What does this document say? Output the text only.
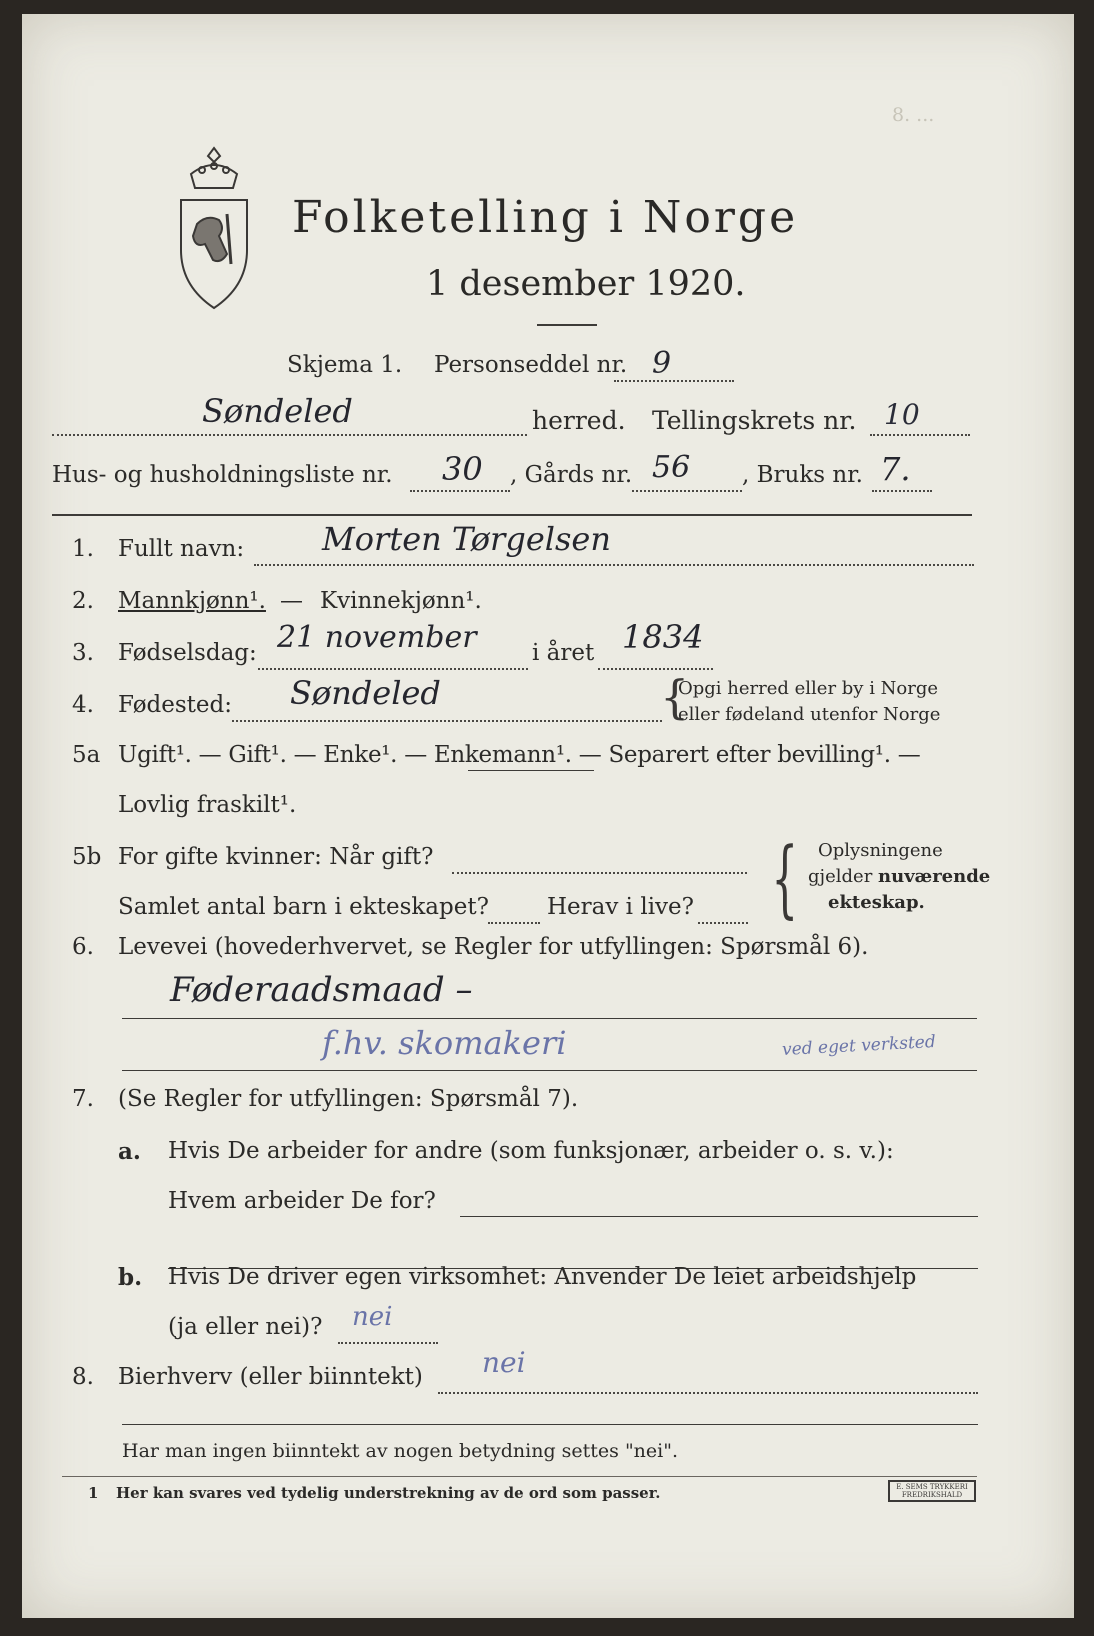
8. ...
Folketelling i Norge
1 desember 1920.
Skjema 1. Personseddel nr. 9
Søndeled	herred. Tellingskrets nr. 10
Hus- og husholdningsliste nr. 30 , Gårds nr. 56 , Bruks nr. 7.
1. Fullt navn: Morten Tørgelsen
2. Mannkjønn¹. — Kvinnekjønn¹.
3. Fødselsdag: 21 november i året 1834
4. Fødested: Søndeled	{
Opgi herred eller by i Norge
eller fødeland utenfor Norge
5a Ugift¹. — Gift¹. — Enke¹. — Enkemann¹. — Separert efter bevilling¹. —
Lovlig fraskilt¹.
5b For gifte kvinner: Når gift?
Samlet antal barn i ekteskapet?	Herav i live? { Oplysningene
gjelder nuværende
ekteskap.
6. Levevei (hovederhvervet, se Regler for utfyllingen: Spørsmål 6).
Føderaadsmaad –
f.hv. skomakeri	ved eget verksted
7. (Se Regler for utfyllingen: Spørsmål 7).
a. Hvis De arbeider for andre (som funksjonær, arbeider o. s. v.):
Hvem arbeider De for?
b. Hvis De driver egen virksomhet: Anvender De leiet arbeidshjelp
(ja eller nei)? nei
8. Bierhverv (eller biinntekt) nei
Har man ingen biinntekt av nogen betydning settes "nei".
1 Her kan svares ved tydelig understrekning av de ord som passer.	E. SEMS TRYKKERI FREDRIKSHALD
